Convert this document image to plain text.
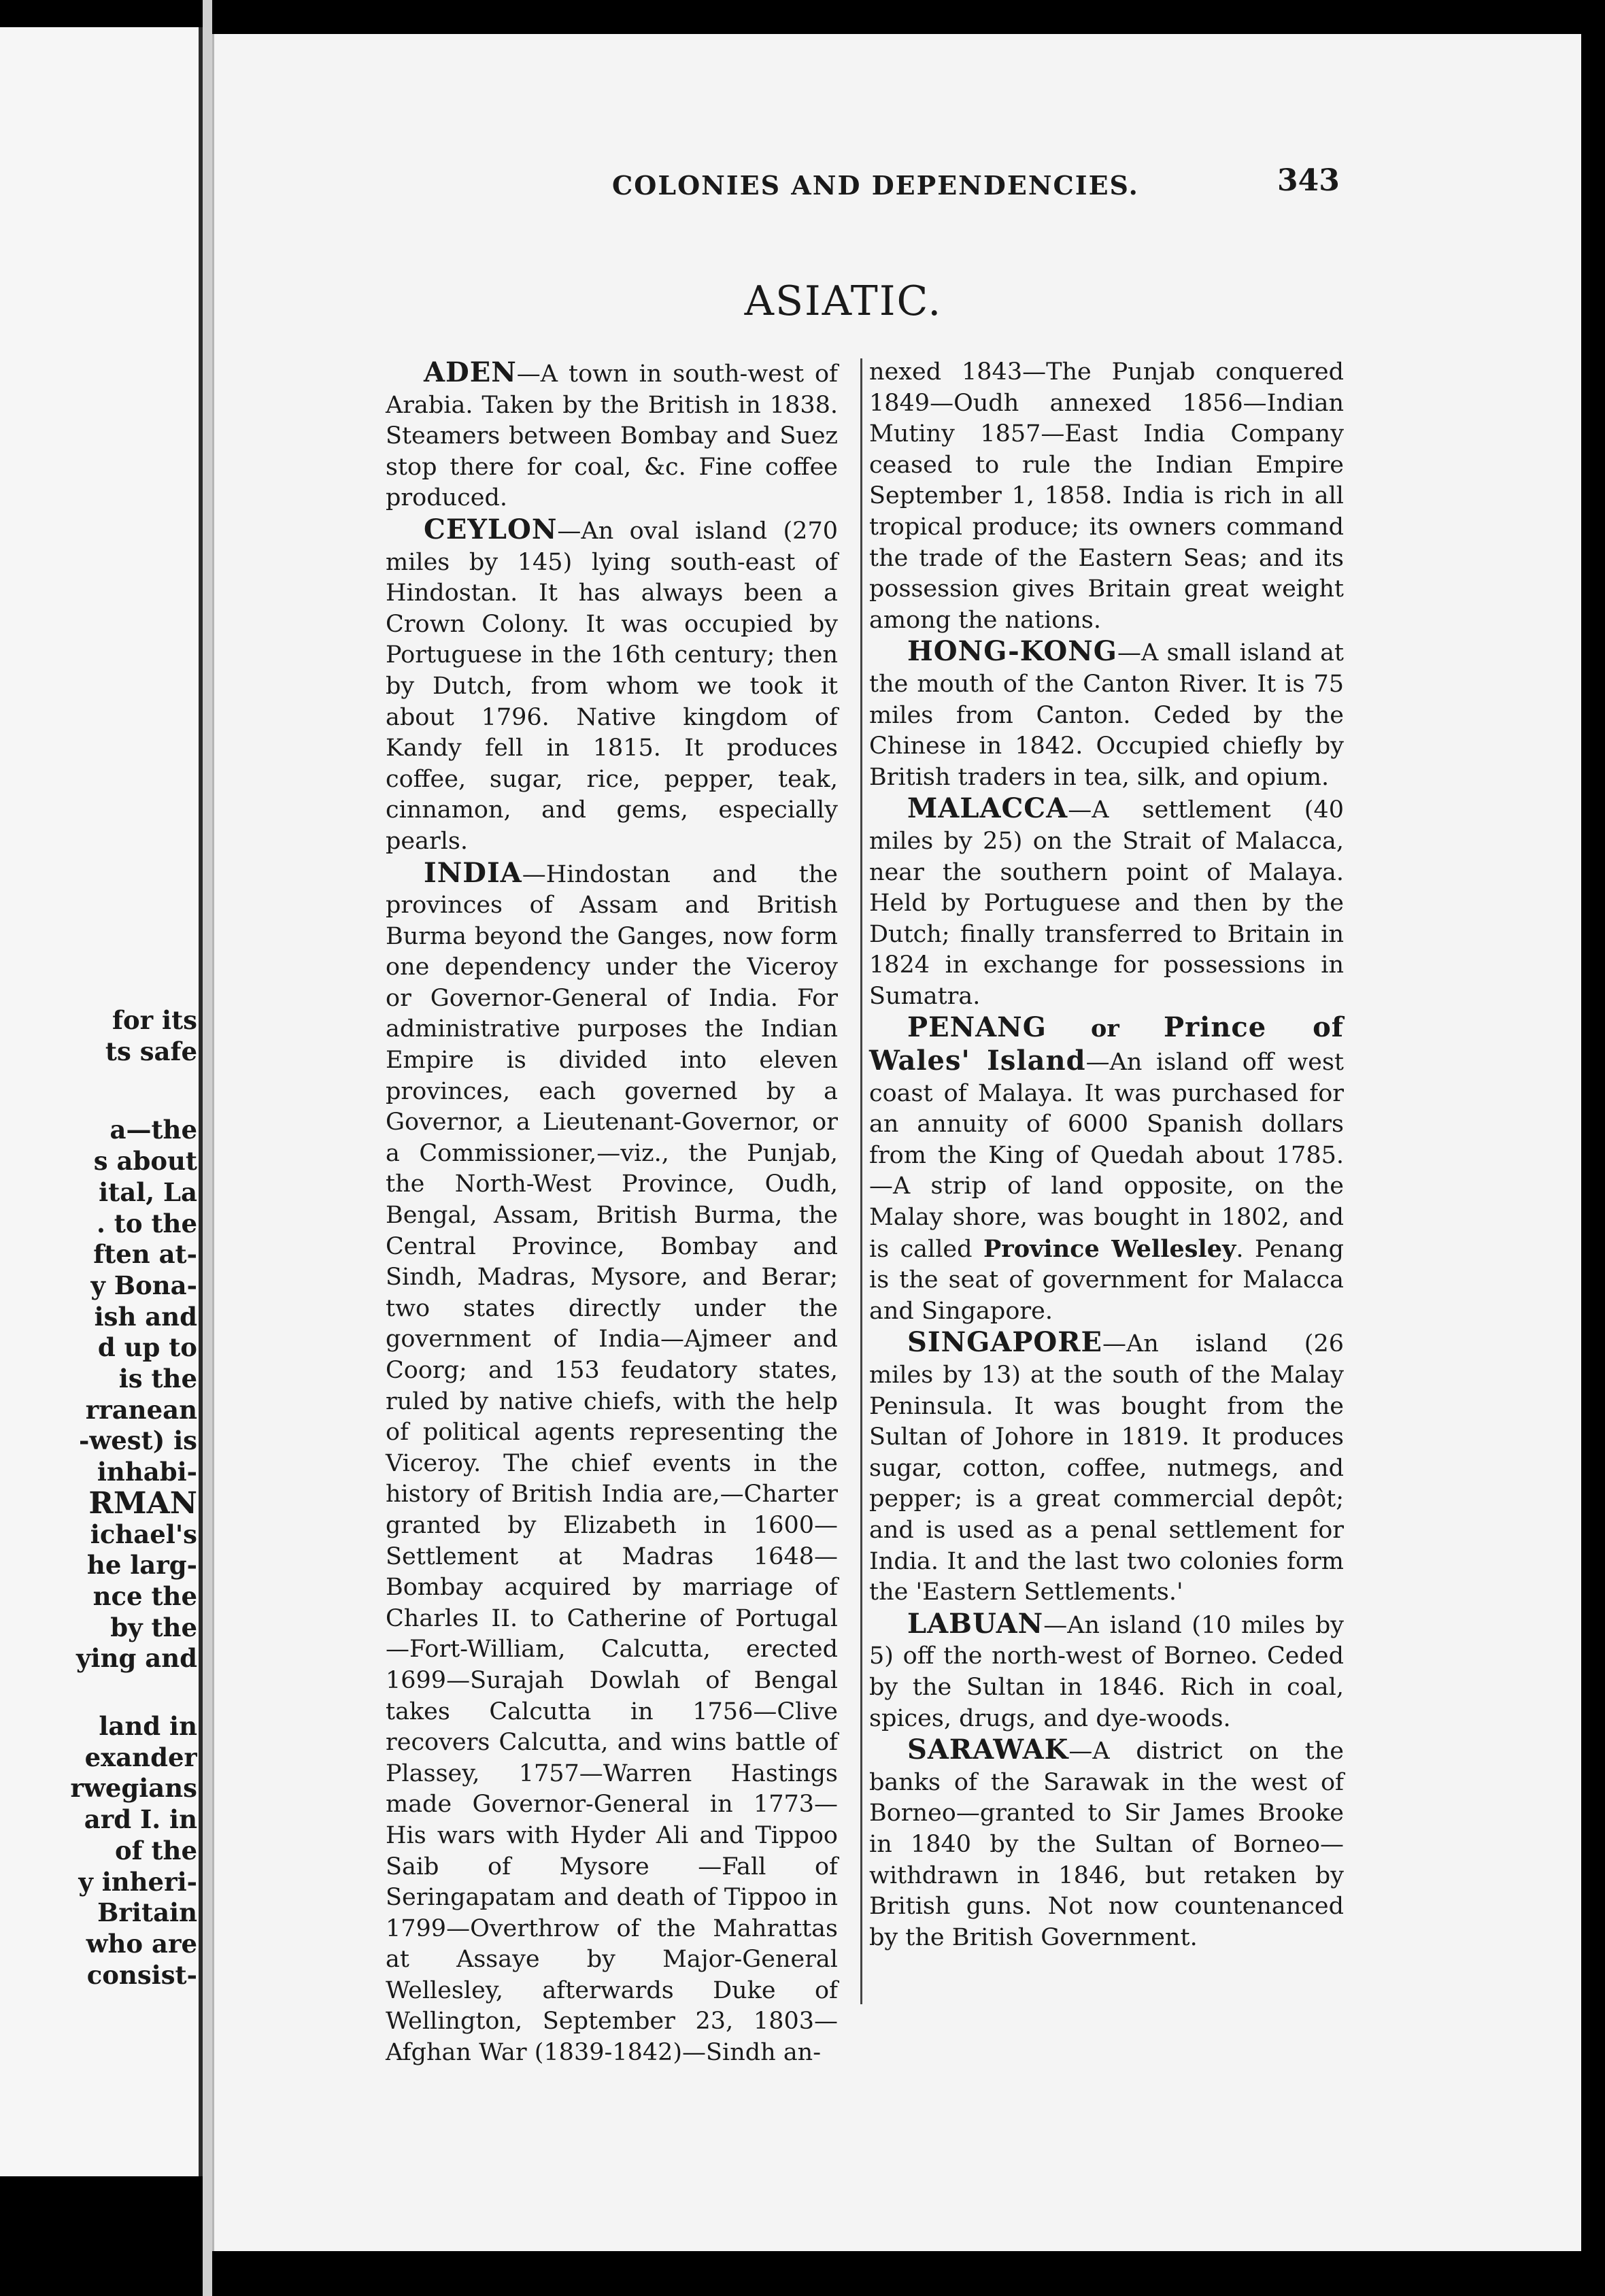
for its
ts safe
a—the
s about
ital, La
. to the
ften at-
y Bona-
ish and
d up to
is the
rranean
-west) is
inhabi-
RMAN
ichael's
he larg-
nce the
by the
ying and
land in
exander
rwegians
ard I. in
of the
y inheri-
Britain
who are
consist-
COLONIES AND DEPENDENCIES.	343
ASIATIC.

ADEN—A town in south-west of Arabia. Taken by the British in 1838. Steamers between Bombay and Suez stop there for coal, &c. Fine coffee produced.

CEYLON—An oval island (270 miles by 145) lying south-east of Hindostan. It has always been a Crown Colony. It was occupied by Portuguese in the 16th century; then by Dutch, from whom we took it about 1796. Native kingdom of Kandy fell in 1815. It produces coffee, sugar, rice, pepper, teak, cinnamon, and gems, especially pearls.

INDIA—Hindostan and the provinces of Assam and British Burma beyond the Ganges, now form one dependency under the Viceroy or Governor-General of India. For administrative purposes the Indian Empire is divided into eleven provinces, each governed by a Governor, a Lieutenant-Governor, or a Commissioner,—viz., the Punjab, the North-West Province, Oudh, Bengal, Assam, British Burma, the Central Province, Bombay and Sindh, Madras, Mysore, and Berar; two states directly under the government of India—Ajmeer and Coorg; and 153 feudatory states, ruled by native chiefs, with the help of political agents representing the Viceroy. The chief events in the history of British India are,—Charter granted by Elizabeth in 1600—Settlement at Madras 1648—Bombay acquired by marriage of Charles II. to Catherine of Portugal —Fort-William, Calcutta, erected 1699—Surajah Dowlah of Bengal takes Calcutta in 1756—Clive recovers Calcutta, and wins battle of Plassey, 1757—Warren Hastings made Governor-General in 1773—His wars with Hyder Ali and Tippoo Saib of Mysore —Fall of Seringapatam and death of Tippoo in 1799—Overthrow of the Mahrattas at Assaye by Major-General Wellesley, afterwards Duke of Wellington, September 23, 1803— Afghan War (1839-1842)—Sindh an-

nexed 1843—The Punjab conquered 1849—Oudh annexed 1856—Indian Mutiny 1857—East India Company ceased to rule the Indian Empire September 1, 1858. India is rich in all tropical produce; its owners command the trade of the Eastern Seas; and its possession gives Britain great weight among the nations.

HONG-KONG—A small island at the mouth of the Canton River. It is 75 miles from Canton. Ceded by the Chinese in 1842. Occupied chiefly by British traders in tea, silk, and opium.

MALACCA—A settlement (40 miles by 25) on the Strait of Malacca, near the southern point of Malaya. Held by Portuguese and then by the Dutch; finally transferred to Britain in 1824 in exchange for possessions in Sumatra.

PENANG or Prince of Wales' Island—An island off west coast of Malaya. It was purchased for an annuity of 6000 Spanish dollars from the King of Quedah about 1785.—A strip of land opposite, on the Malay shore, was bought in 1802, and is called Province Wellesley. Penang is the seat of government for Malacca and Singapore.

SINGAPORE—An island (26 miles by 13) at the south of the Malay Peninsula. It was bought from the Sultan of Johore in 1819. It produces sugar, cotton, coffee, nutmegs, and pepper; is a great commercial depôt; and is used as a penal settlement for India. It and the last two colonies form the 'Eastern Settlements.'

LABUAN—An island (10 miles by 5) off the north-west of Borneo. Ceded by the Sultan in 1846. Rich in coal, spices, drugs, and dye-woods.

SARAWAK—A district on the banks of the Sarawak in the west of Borneo—granted to Sir James Brooke in 1840 by the Sultan of Borneo—withdrawn in 1846, but retaken by British guns. Not now countenanced by the British Government.
